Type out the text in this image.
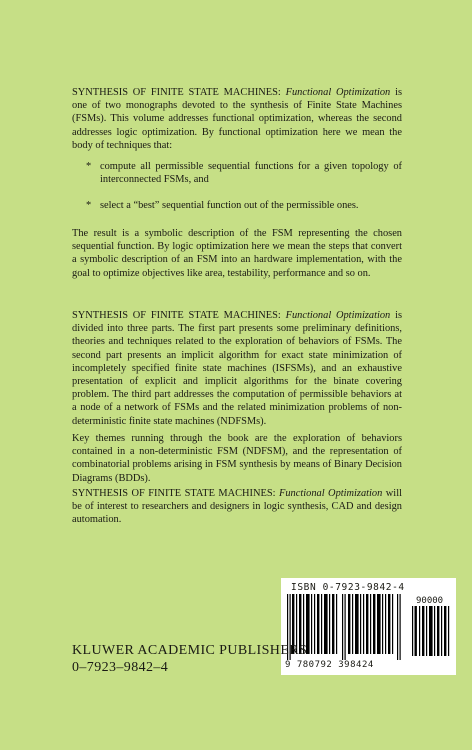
SYNTHESIS OF FINITE STATE MACHINES: Functional Optimization is one of two monographs devoted to the synthesis of Finite State Machines (FSMs). This volume addresses functional optimization, whereas the second addresses logic optimization. By functional optimization here we mean the body of techniques that:
* compute all permissible sequential functions for a given topology of interconnected FSMs, and
* select a “best” sequential function out of the permissible ones.
The result is a symbolic description of the FSM representing the chosen sequential function. By logic optimization here we mean the steps that convert a symbolic description of an FSM into an hardware implementation, with the goal to optimize objectives like area, testability, performance and so on.
SYNTHESIS OF FINITE STATE MACHINES: Functional Optimization is divided into three parts. The first part presents some preliminary definitions, theories and techniques related to the exploration of behaviors of FSMs. The second part presents an implicit algorithm for exact state minimization of incompletely specified finite state machines (ISFSMs), and an exhaustive presentation of explicit and implicit algorithms for the binate covering problem. The third part addresses the computation of permissible behaviors at a node of a network of FSMs and the related minimization problems of non-deterministic finite state machines (NDFSMs).
Key themes running through the book are the exploration of behaviors contained in a non-deterministic FSM (NDFSM), and the representation of combinatorial problems arising in FSM synthesis by means of Binary Decision Diagrams (BDDs).
SYNTHESIS OF FINITE STATE MACHINES: Functional Optimization will be of interest to researchers and designers in logic synthesis, CAD and design automation.
ISBN 0-7923-9842-4
90000
9 780792 398424
KLUWER ACADEMIC PUBLISHERS
0–7923–9842–4
